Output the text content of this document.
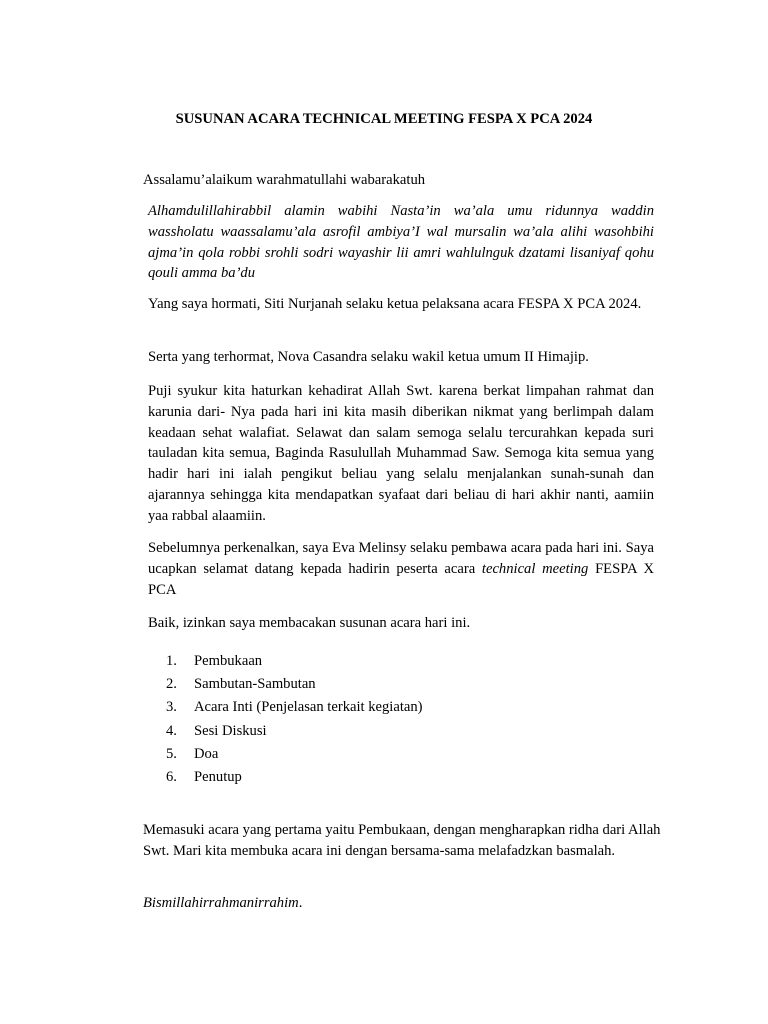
SUSUNAN ACARA TECHNICAL MEETING FESPA X PCA 2024
Assalamu’alaikum warahmatullahi wabarakatuh

Alhamdulillahirabbil alamin wabihi Nasta’in wa’ala umu ridunnya waddin wassholatu waassalamu’ala asrofil ambiya’I wal mursalin wa’ala alihi wasohbihi ajma’in qola robbi srohli sodri wayashir lii amri wahlulnguk dzatami lisaniyaf qohu qouli amma ba’du

Yang saya hormati, Siti Nurjanah selaku ketua pelaksana acara FESPA X PCA 2024.

Serta yang terhormat, Nova Casandra selaku wakil ketua umum II Himajip.

Puji syukur kita haturkan kehadirat Allah Swt. karena berkat limpahan rahmat dan karunia dari- Nya pada hari ini kita masih diberikan nikmat yang berlimpah dalam keadaan sehat walafiat. Selawat dan salam semoga selalu tercurahkan kepada suri tauladan kita semua, Baginda Rasulullah Muhammad Saw. Semoga kita semua yang hadir hari ini ialah pengikut beliau yang selalu menjalankan sunah-sunah dan ajarannya sehingga kita mendapatkan syafaat dari beliau di hari akhir nanti, aamiin yaa rabbal alaamiin.

Sebelumnya perkenalkan, saya Eva Melinsy selaku pembawa acara pada hari ini. Saya ucapkan selamat datang kepada hadirin peserta acara technical meeting FESPA X PCA

Baik, izinkan saya membacakan susunan acara hari ini.

1. Pembukaan
2. Sambutan-Sambutan
3. Acara Inti (Penjelasan terkait kegiatan)
4. Sesi Diskusi
5. Doa
6. Penutup

Memasuki acara yang pertama yaitu Pembukaan, dengan mengharapkan ridha dari Allah Swt. Mari kita membuka acara ini dengan bersama-sama melafadzkan basmalah.

Bismillahirrahmanirrahim.
